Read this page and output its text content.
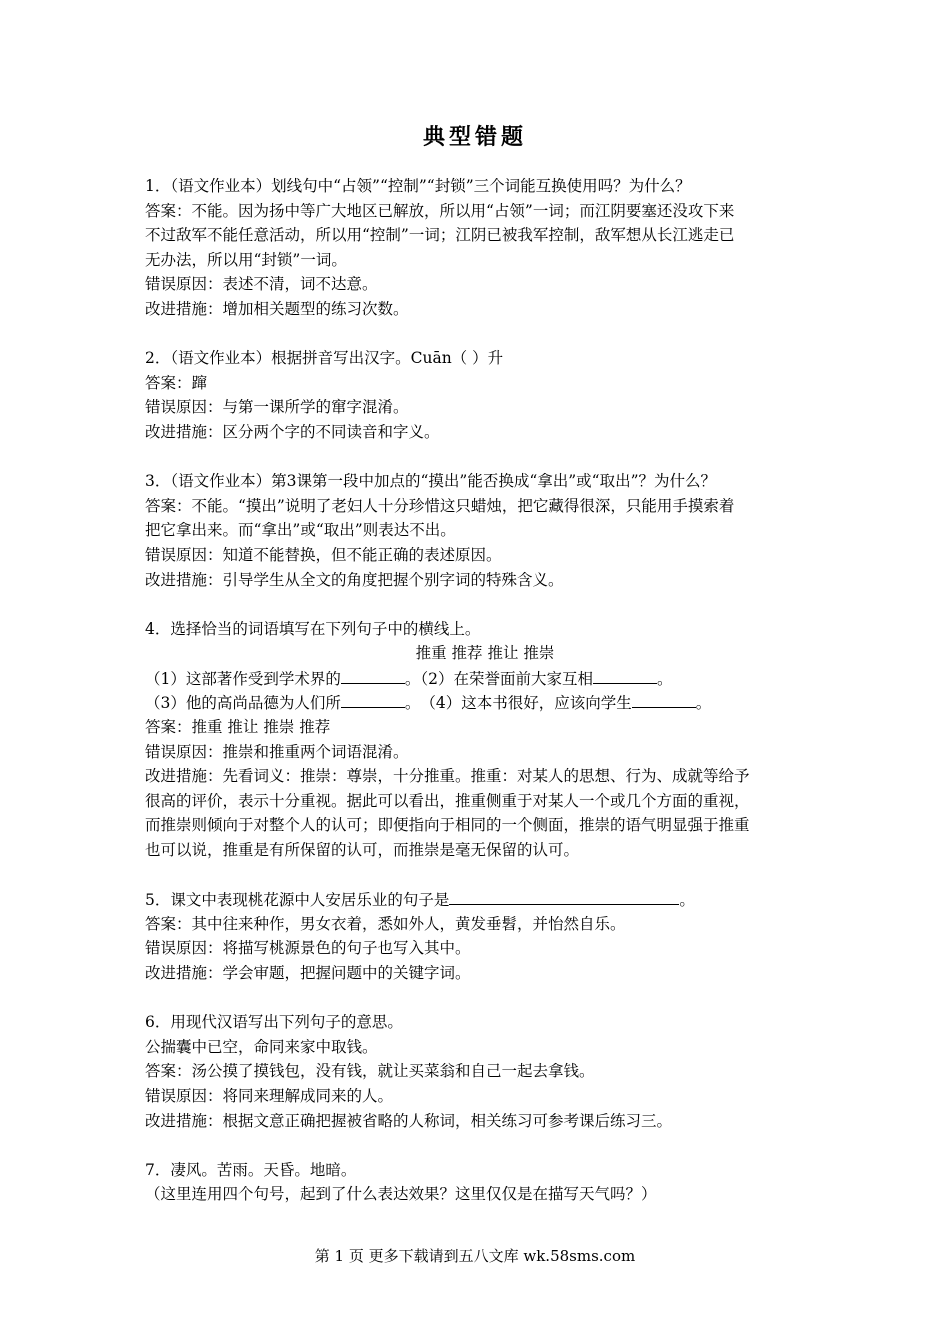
典型错题
1．（语文作业本）划线句中“占领”“控制”“封锁”三个词能互换使用吗？为什么？
答案：不能。因为扬中等广大地区已解放，所以用“占领”一词；而江阴要塞还没攻下来
不过敌军不能任意活动，所以用“控制”一词；江阴已被我军控制，敌军想从长江逃走已
无办法，所以用“封锁”一词。
错误原因：表述不清，词不达意。
改进措施：增加相关题型的练习次数。
2．（语文作业本）根据拼音写出汉字。Cuān（ ）升
答案：蹿
错误原因：与第一课所学的窜字混淆。
改进措施：区分两个字的不同读音和字义。
3．（语文作业本）第3课第一段中加点的“摸出”能否换成“拿出”或“取出”？为什么？
答案：不能。“摸出”说明了老妇人十分珍惜这只蜡烛，把它藏得很深，只能用手摸索着
把它拿出来。而“拿出”或“取出”则表达不出。
错误原因：知道不能替换，但不能正确的表述原因。
改进措施：引导学生从全文的角度把握个别字词的特殊含义。
4．选择恰当的词语填写在下列句子中的横线上。
推重 推荐 推让 推崇
（1）这部著作受到学术界的	。（2）在荣誉面前大家互相	。
（3）他的高尚品德为人们所	。　 （4）这本书很好，应该向学生	。
答案：推重 推让 推崇 推荐
错误原因：推崇和推重两个词语混淆。
改进措施：先看词义：推崇：尊崇，十分推重。推重：对某人的思想、行为、成就等给予
很高的评价，表示十分重视。据此可以看出，推重侧重于对某人一个或几个方面的重视，
而推崇则倾向于对整个人的认可；即便指向于相同的一个侧面，推崇的语气明显强于推重
也可以说，推重是有所保留的认可，而推崇是毫无保留的认可。
5．课文中表现桃花源中人安居乐业的句子是	。
答案：其中往来种作，男女衣着，悉如外人，黄发垂髫，并怡然自乐。
错误原因：将描写桃源景色的句子也写入其中。
改进措施：学会审题，把握问题中的关键字词。
6．用现代汉语写出下列句子的意思。
公揣囊中已空，命同来家中取钱。
答案：汤公摸了摸钱包，没有钱，就让买菜翁和自己一起去拿钱。
错误原因：将同来理解成同来的人。
改进措施：根据文意正确把握被省略的人称词，相关练习可参考课后练习三。
7．凄风。苦雨。天昏。地暗。
（这里连用四个句号，起到了什么表达效果？这里仅仅是在描写天气吗？）
第 1 页 更多下载请到五八文库 wk.58sms.com
